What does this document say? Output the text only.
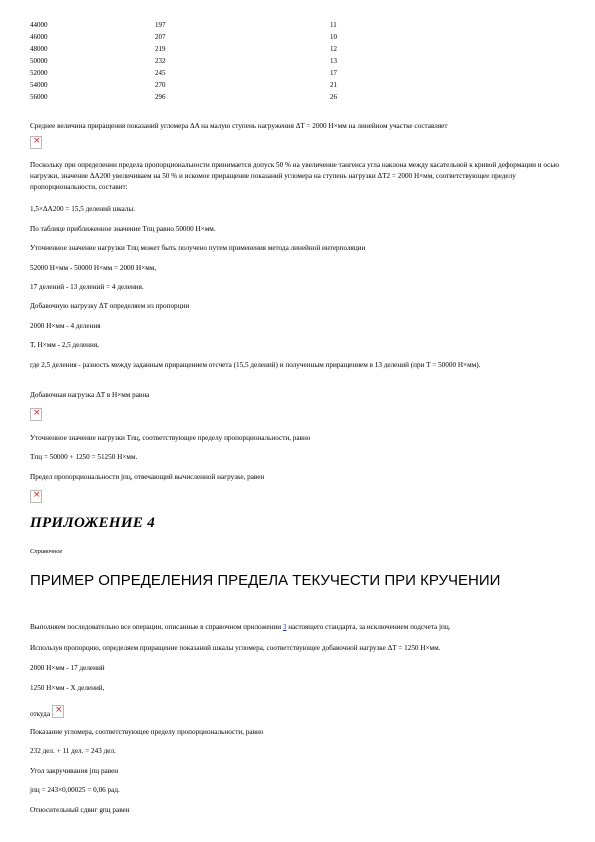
44000	197	11
46000	207	10
48000	219	12
50000	232	13
52000	245	17
54000	270	21
56000	296	26
Среднее величина приращения показаний угломера ΔA на малую ступень нагружения ΔT = 2000 Н×мм на линейном участке составляет
×
Поскольку при определении предела пропорциональности принимается допуск 50 % на увеличение тангенса угла наклона между касательной к кривой деформации и осью нагрузки, значение ΔA200 увеличиваем на 50 % и искомое приращение показаний угломера на ступень нагрузки ΔT2 = 2000 Н×мм, соответствующее пределу пропорциональности, составит:
1,5×ΔA200 = 15,5 делений шкалы.
По таблице приближенное значение Tпц равно 50000 Н×мм.
Уточненное значение нагрузки Tпц может быть получено путем применения метода линейной интерполяции
52000 Н×мм - 50000 Н×мм = 2000 Н×мм,
17 делений - 13 делений = 4 деления.
Добавочную нагрузку ΔT определяем из пропорции
2000 Н×мм - 4 деления
T, Н×мм - 2,5 деления,
где 2,5 деления - разность между заданным приращением отсчета (15,5 делений) и полученным приращением в 13 делений (при T = 50000 Н×мм).
Добавочная нагрузка ΔT в Н×мм равна
×
Уточненное значение нагрузки Tпц, соответствующее пределу пропорциональности, равно
Tпц = 50000 + 1250 = 51250 Н×мм.
Предел пропорциональности jпц, отвечающий вычисленной нагрузке, равен
×
ПРИЛОЖЕНИЕ 4
Справочное
ПРИМЕР ОПРЕДЕЛЕНИЯ ПРЕДЕЛА ТЕКУЧЕСТИ ПРИ КРУЧЕНИИ
Выполняем последовательно все операции, описанные в справочном приложении 3 настоящего стандарта, за исключением подсчета jпц.
Используя пропорцию, определяем приращение показаний шкалы угломера, соответствующее добавочной нагрузке ΔT = 1250 Н×мм.
2000 Н×мм - 17 делений
1250 Н×мм - X делений,
откуда×
Показание угломера, соответствующее пределу пропорциональности, равно
232 дел. + 11 дел. = 243 дел.
Угол закручивания jпц равен
jпц = 243×0,00025 = 0,06 рад.
Относительный сдвиг gпц равен
